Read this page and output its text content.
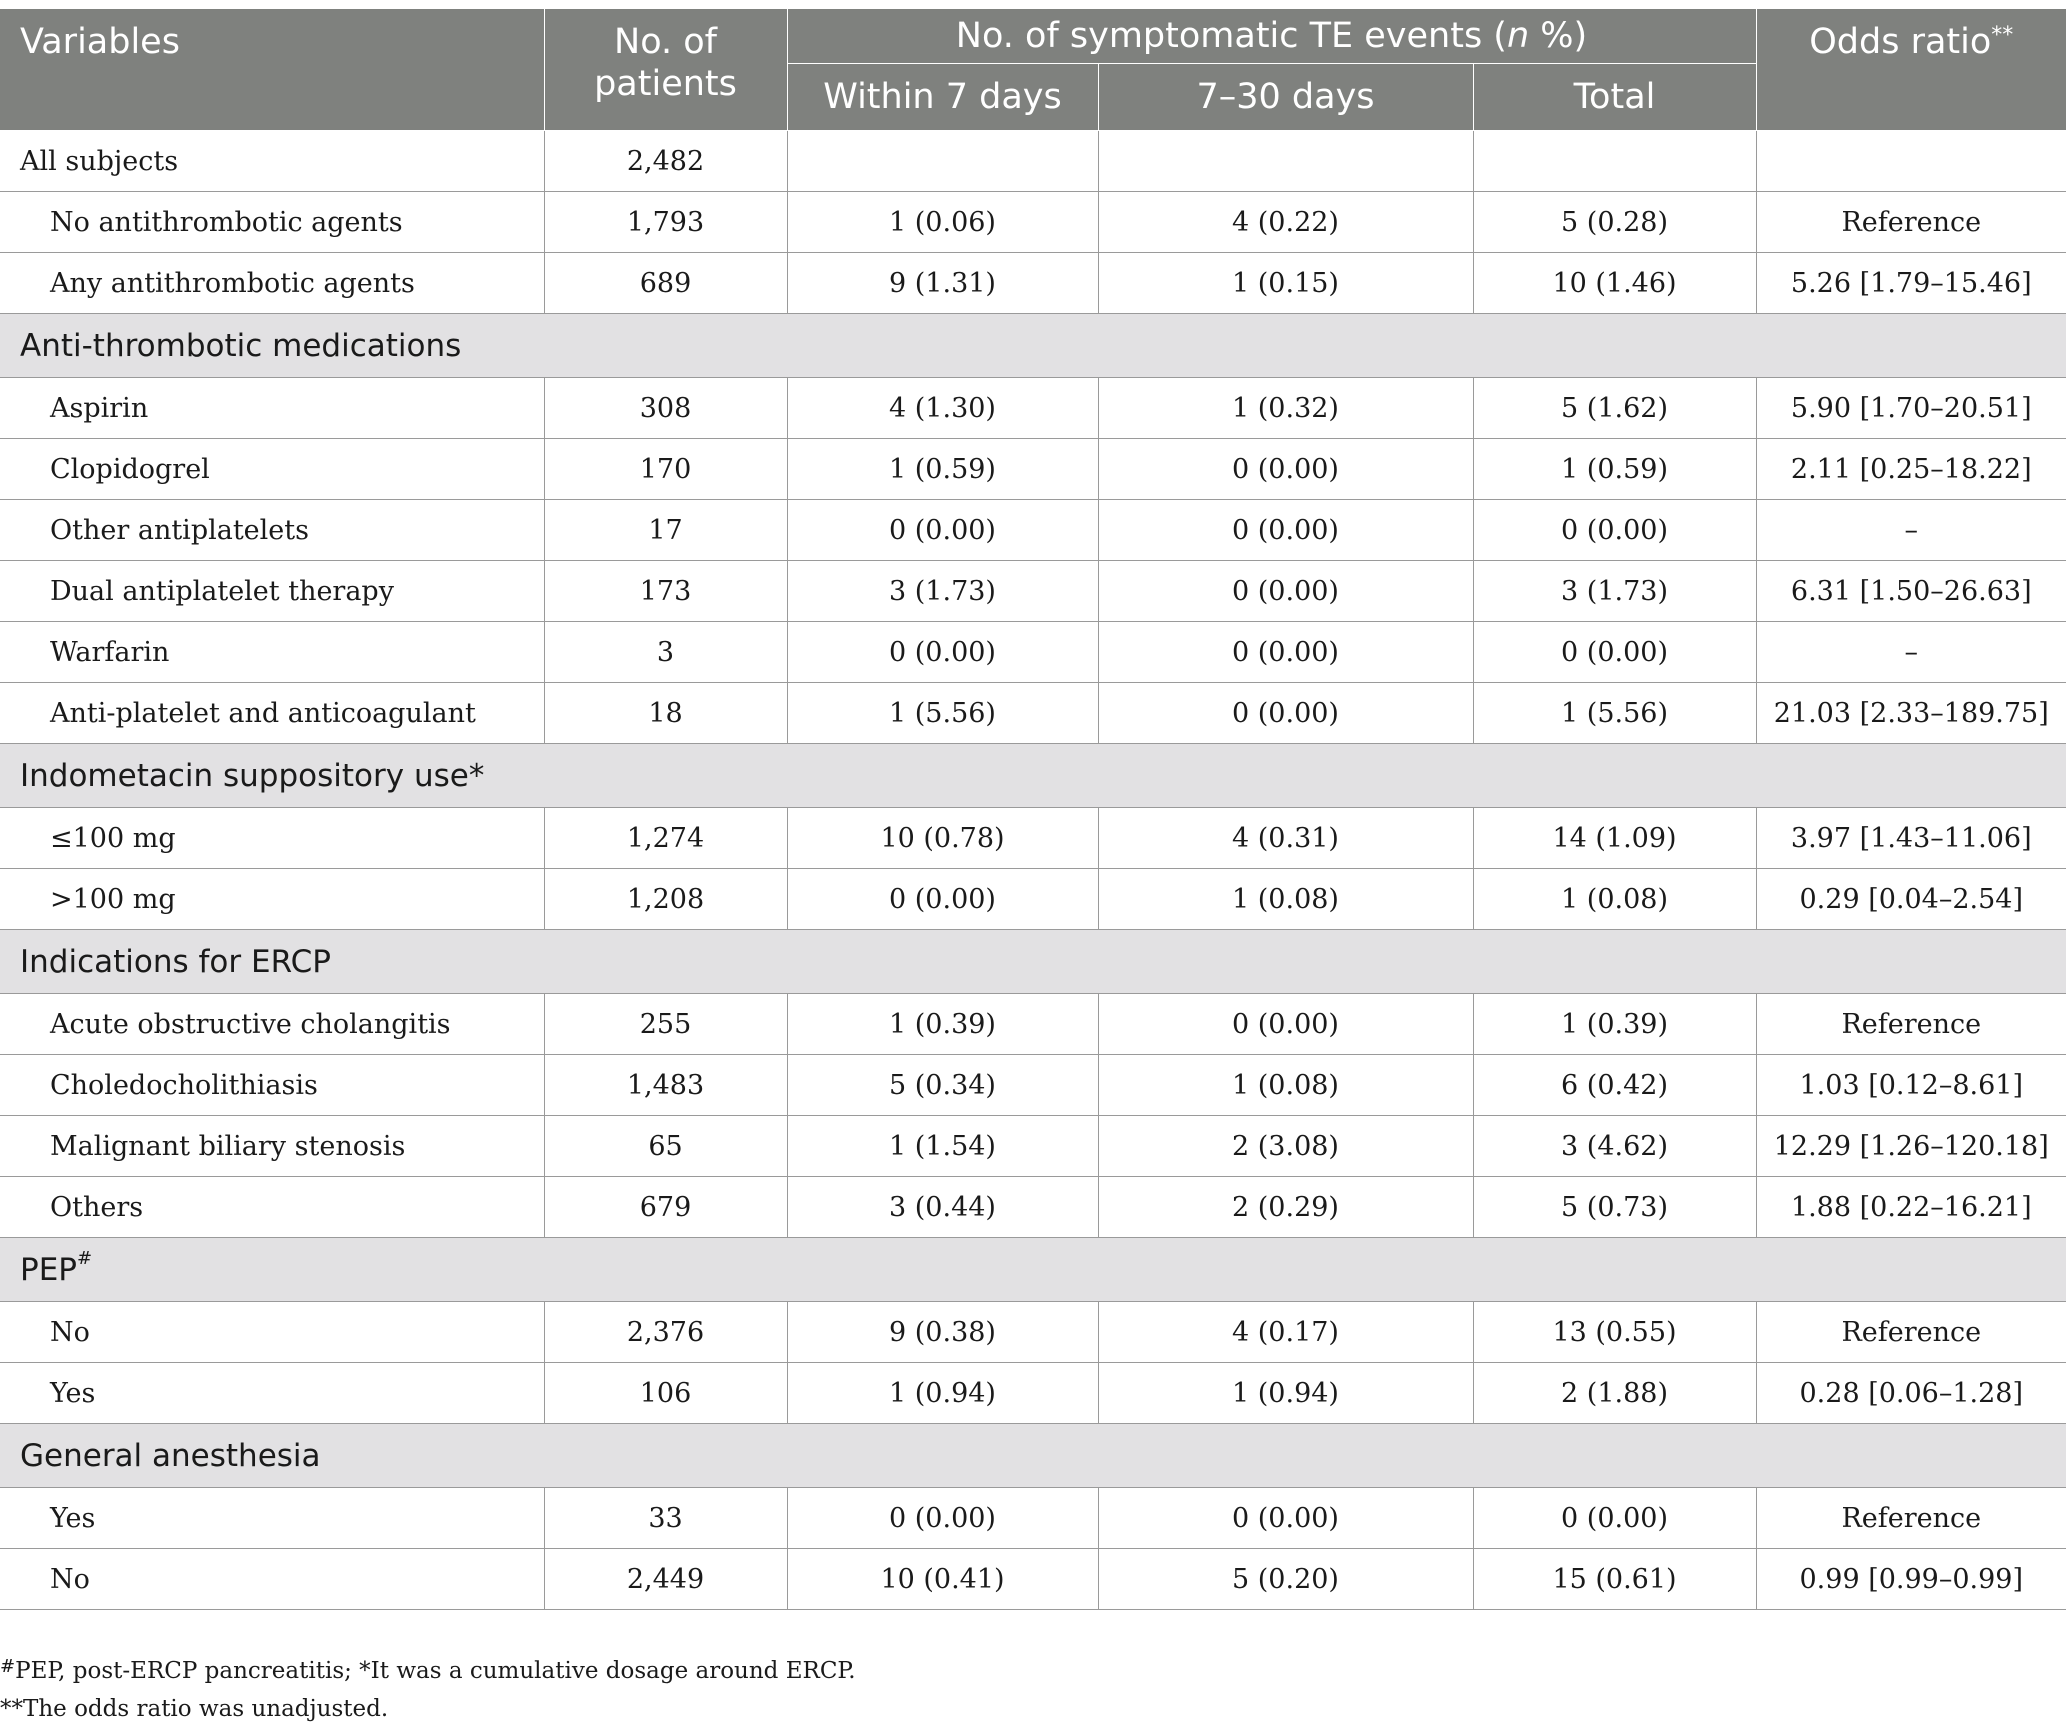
Variables	No. of patients	No. of symptomatic TE events (n %)			Odds ratio**
		Within 7 days	7–30 days	Total	
All subjects	2,482				
No antithrombotic agents	1,793	1 (0.06)	4 (0.22)	5 (0.28)	Reference
Any antithrombotic agents	689	9 (1.31)	1 (0.15)	10 (1.46)	5.26 [1.79–15.46]
Anti-thrombotic medications					
Aspirin	308	4 (1.30)	1 (0.32)	5 (1.62)	5.90 [1.70–20.51]
Clopidogrel	170	1 (0.59)	0 (0.00)	1 (0.59)	2.11 [0.25–18.22]
Other antiplatelets	17	0 (0.00)	0 (0.00)	0 (0.00)	–
Dual antiplatelet therapy	173	3 (1.73)	0 (0.00)	3 (1.73)	6.31 [1.50–26.63]
Warfarin	3	0 (0.00)	0 (0.00)	0 (0.00)	–
Anti-platelet and anticoagulant	18	1 (5.56)	0 (0.00)	1 (5.56)	21.03 [2.33–189.75]
Indometacin suppository use*					
≤100 mg	1,274	10 (0.78)	4 (0.31)	14 (1.09)	3.97 [1.43–11.06]
>100 mg	1,208	0 (0.00)	1 (0.08)	1 (0.08)	0.29 [0.04–2.54]
Indications for ERCP					
Acute obstructive cholangitis	255	1 (0.39)	0 (0.00)	1 (0.39)	Reference
Choledocholithiasis	1,483	5 (0.34)	1 (0.08)	6 (0.42)	1.03 [0.12–8.61]
Malignant biliary stenosis	65	1 (1.54)	2 (3.08)	3 (4.62)	12.29 [1.26–120.18]
Others	679	3 (0.44)	2 (0.29)	5 (0.73)	1.88 [0.22–16.21]
PEP#
No	2,376	9 (0.38)	4 (0.17)	13 (0.55)	Reference
Yes	106	1 (0.94)	1 (0.94)	2 (1.88)	0.28 [0.06–1.28]
General anesthesia					
Yes	33	0 (0.00)	0 (0.00)	0 (0.00)	Reference
No	2,449	10 (0.41)	5 (0.20)	15 (0.61)	0.99 [0.99–0.99]
#PEP, post-ERCP pancreatitis; *It was a cumulative dosage around ERCP.
**The odds ratio was unadjusted.
